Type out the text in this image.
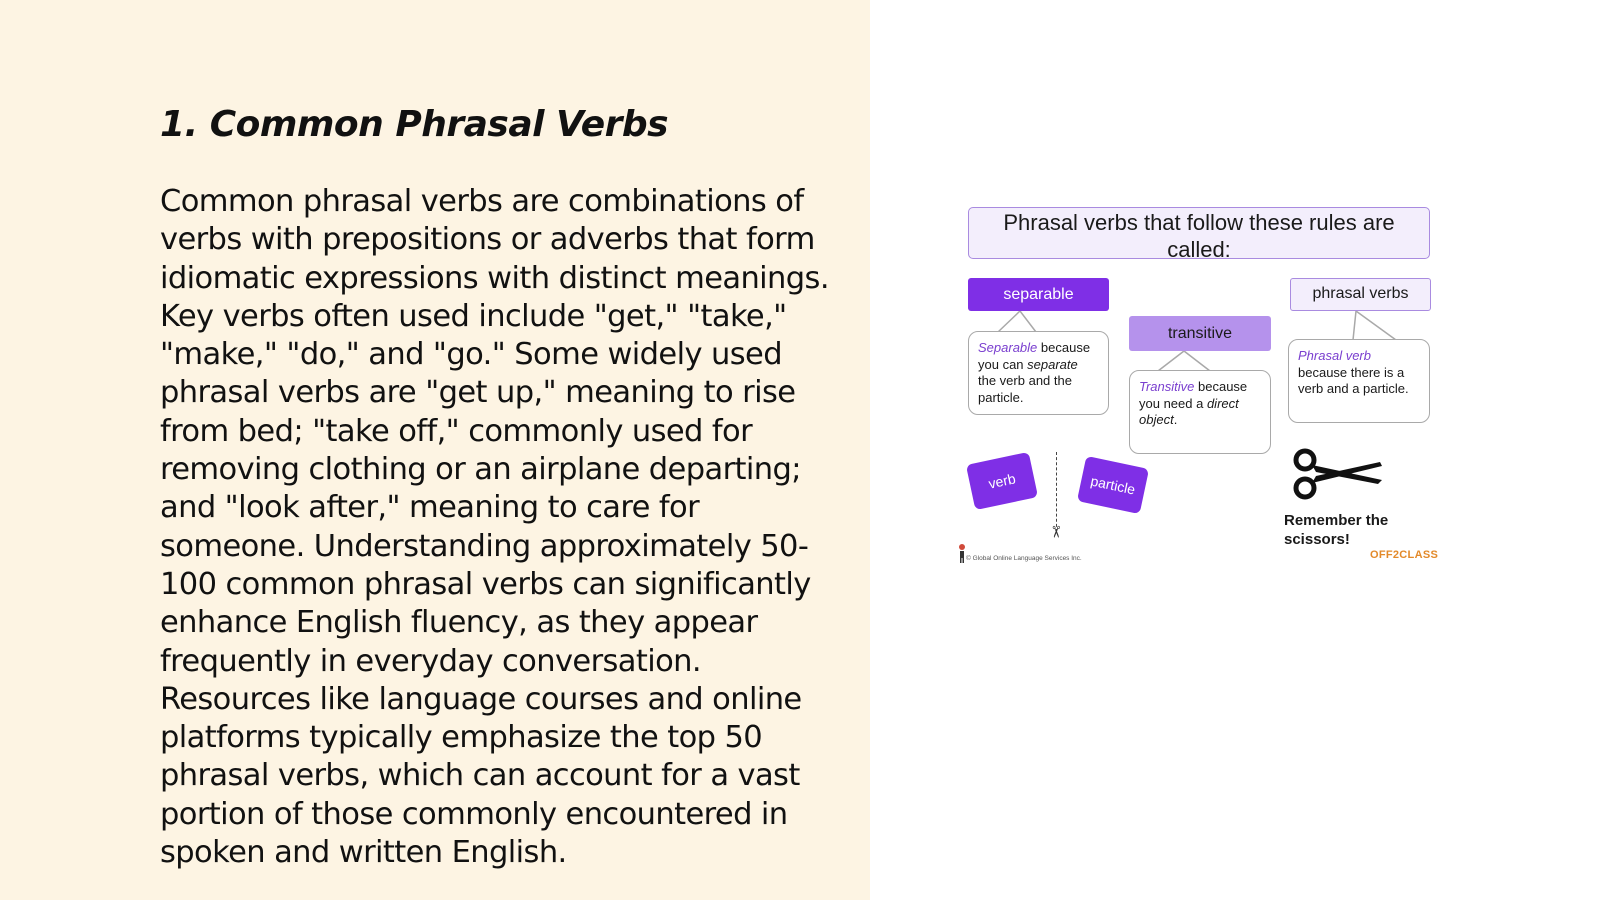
1. Common Phrasal Verbs

Common phrasal verbs are combinations of verbs with prepositions or adverbs that form idiomatic expressions with distinct meanings. Key verbs often used include "get," "take," "make," "do," and "go." Some widely used phrasal verbs are "get up," meaning to rise from bed; "take off," commonly used for removing clothing or an airplane departing; and "look after," meaning to care for someone. Understanding approximately 50-100 common phrasal verbs can significantly enhance English fluency, as they appear frequently in everyday conversation. Resources like language courses and online platforms typically emphasize the top 50 phrasal verbs, which can account for a vast portion of those commonly encountered in spoken and written English.

Phrasal verbs that follow these rules are called:
separable
transitive
phrasal verbs
Separable because you can separate the verb and the particle.
Transitive because you need a direct object.
Phrasal verb because there is a verb and a particle.
verb
✂
particle
Remember the scissors!
© Global Online Language Services Inc.	OFF2CLASS
